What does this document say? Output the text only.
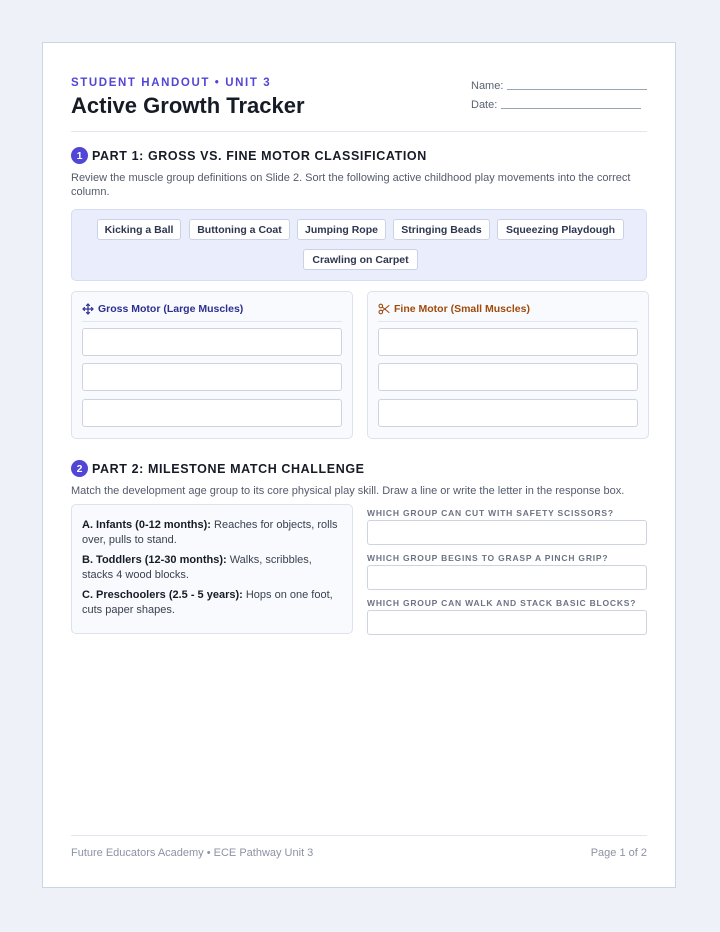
STUDENT HANDOUT • UNIT 3
Active Growth Tracker
Name:
Date:
1 PART 1: GROSS VS. FINE MOTOR CLASSIFICATION
Review the muscle group definitions on Slide 2. Sort the following active childhood play movements into the correct column.
Kicking a Ball	Buttoning a Coat	Jumping Rope	Stringing Beads	Squeezing Playdough
Crawling on Carpet
Gross Motor (Large Muscles)	Fine Motor (Small Muscles)
2 PART 2: MILESTONE MATCH CHALLENGE
Match the development age group to its core physical play skill. Draw a line or write the letter in the response box.
A. Infants (0-12 months): Reaches for objects, rolls over, pulls to stand.
B. Toddlers (12-30 months): Walks, scribbles, stacks 4 wood blocks.
C. Preschoolers (2.5 - 5 years): Hops on one foot, cuts paper shapes.
WHICH GROUP CAN CUT WITH SAFETY SCISSORS?
WHICH GROUP BEGINS TO GRASP A PINCH GRIP?
WHICH GROUP CAN WALK AND STACK BASIC BLOCKS?
Future Educators Academy • ECE Pathway Unit 3	Page 1 of 2
